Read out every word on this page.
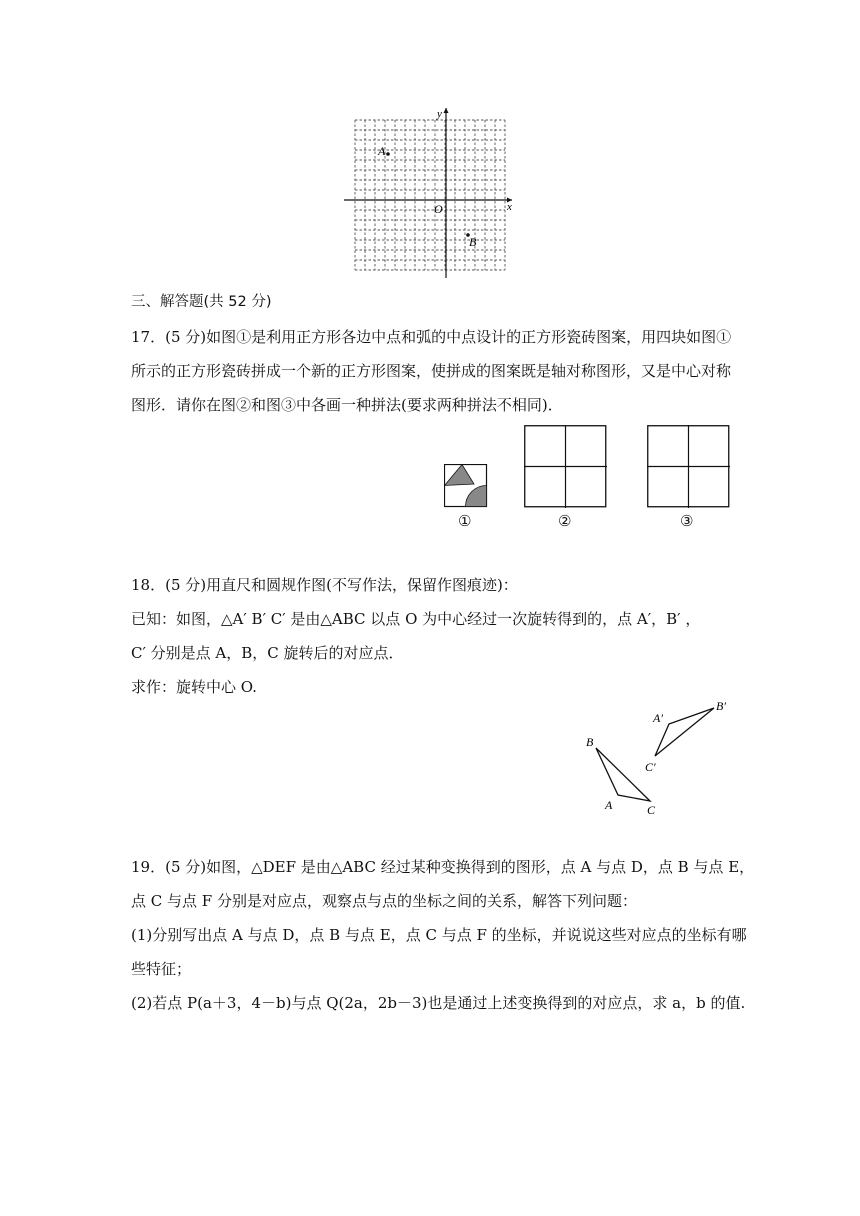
y
x
O
A
B
三、解答题(共 52 分)
17．(5 分)如图①是利用正方形各边中点和弧的中点设计的正方形瓷砖图案，用四块如图①
所示的正方形瓷砖拼成一个新的正方形图案，使拼成的图案既是轴对称图形，又是中心对称
图形．请你在图②和图③中各画一种拼法(要求两种拼法不相同)．
①	②	③
18．(5 分)用直尺和圆规作图(不写作法，保留作图痕迹)：
已知：如图，△A′ B′ C′ 是由△ABC 以点 O 为中心经过一次旋转得到的，点 A′，B′ ，
C′ 分别是点 A，B，C 旋转后的对应点．
求作：旋转中心 O.
B
A	C
A′
B′
C′
19．(5 分)如图，△DEF 是由△ABC 经过某种变换得到的图形，点 A 与点 D，点 B 与点 E，
点 C 与点 F 分别是对应点，观察点与点的坐标之间的关系，解答下列问题：
(1)分别写出点 A 与点 D，点 B 与点 E，点 C 与点 F 的坐标，并说说这些对应点的坐标有哪
些特征；
(2)若点 P(a＋3，4－b)与点 Q(2a，2b－3)也是通过上述变换得到的对应点，求 a，b 的值.
